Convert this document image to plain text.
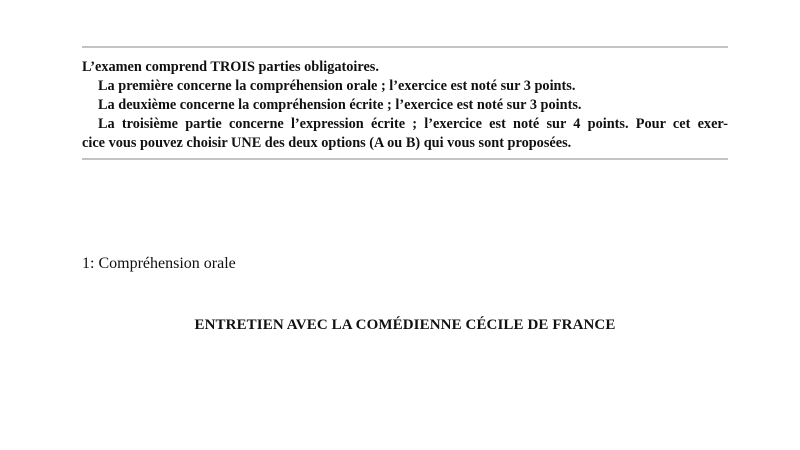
L’examen comprend TROIS parties obligatoires.

La première concerne la compréhension orale ; l’exercice est noté sur 3 points.

La deuxième concerne la compréhension écrite ; l’exercice est noté sur 3 points.

La troisième partie concerne l’expression écrite ; l’exercice est noté sur 4 points. Pour cet exer-

cice vous pouvez choisir UNE des deux options (A ou B) qui vous sont proposées.

1: Compréhension orale
ENTRETIEN AVEC LA COMÉDIENNE CÉCILE DE FRANCE
